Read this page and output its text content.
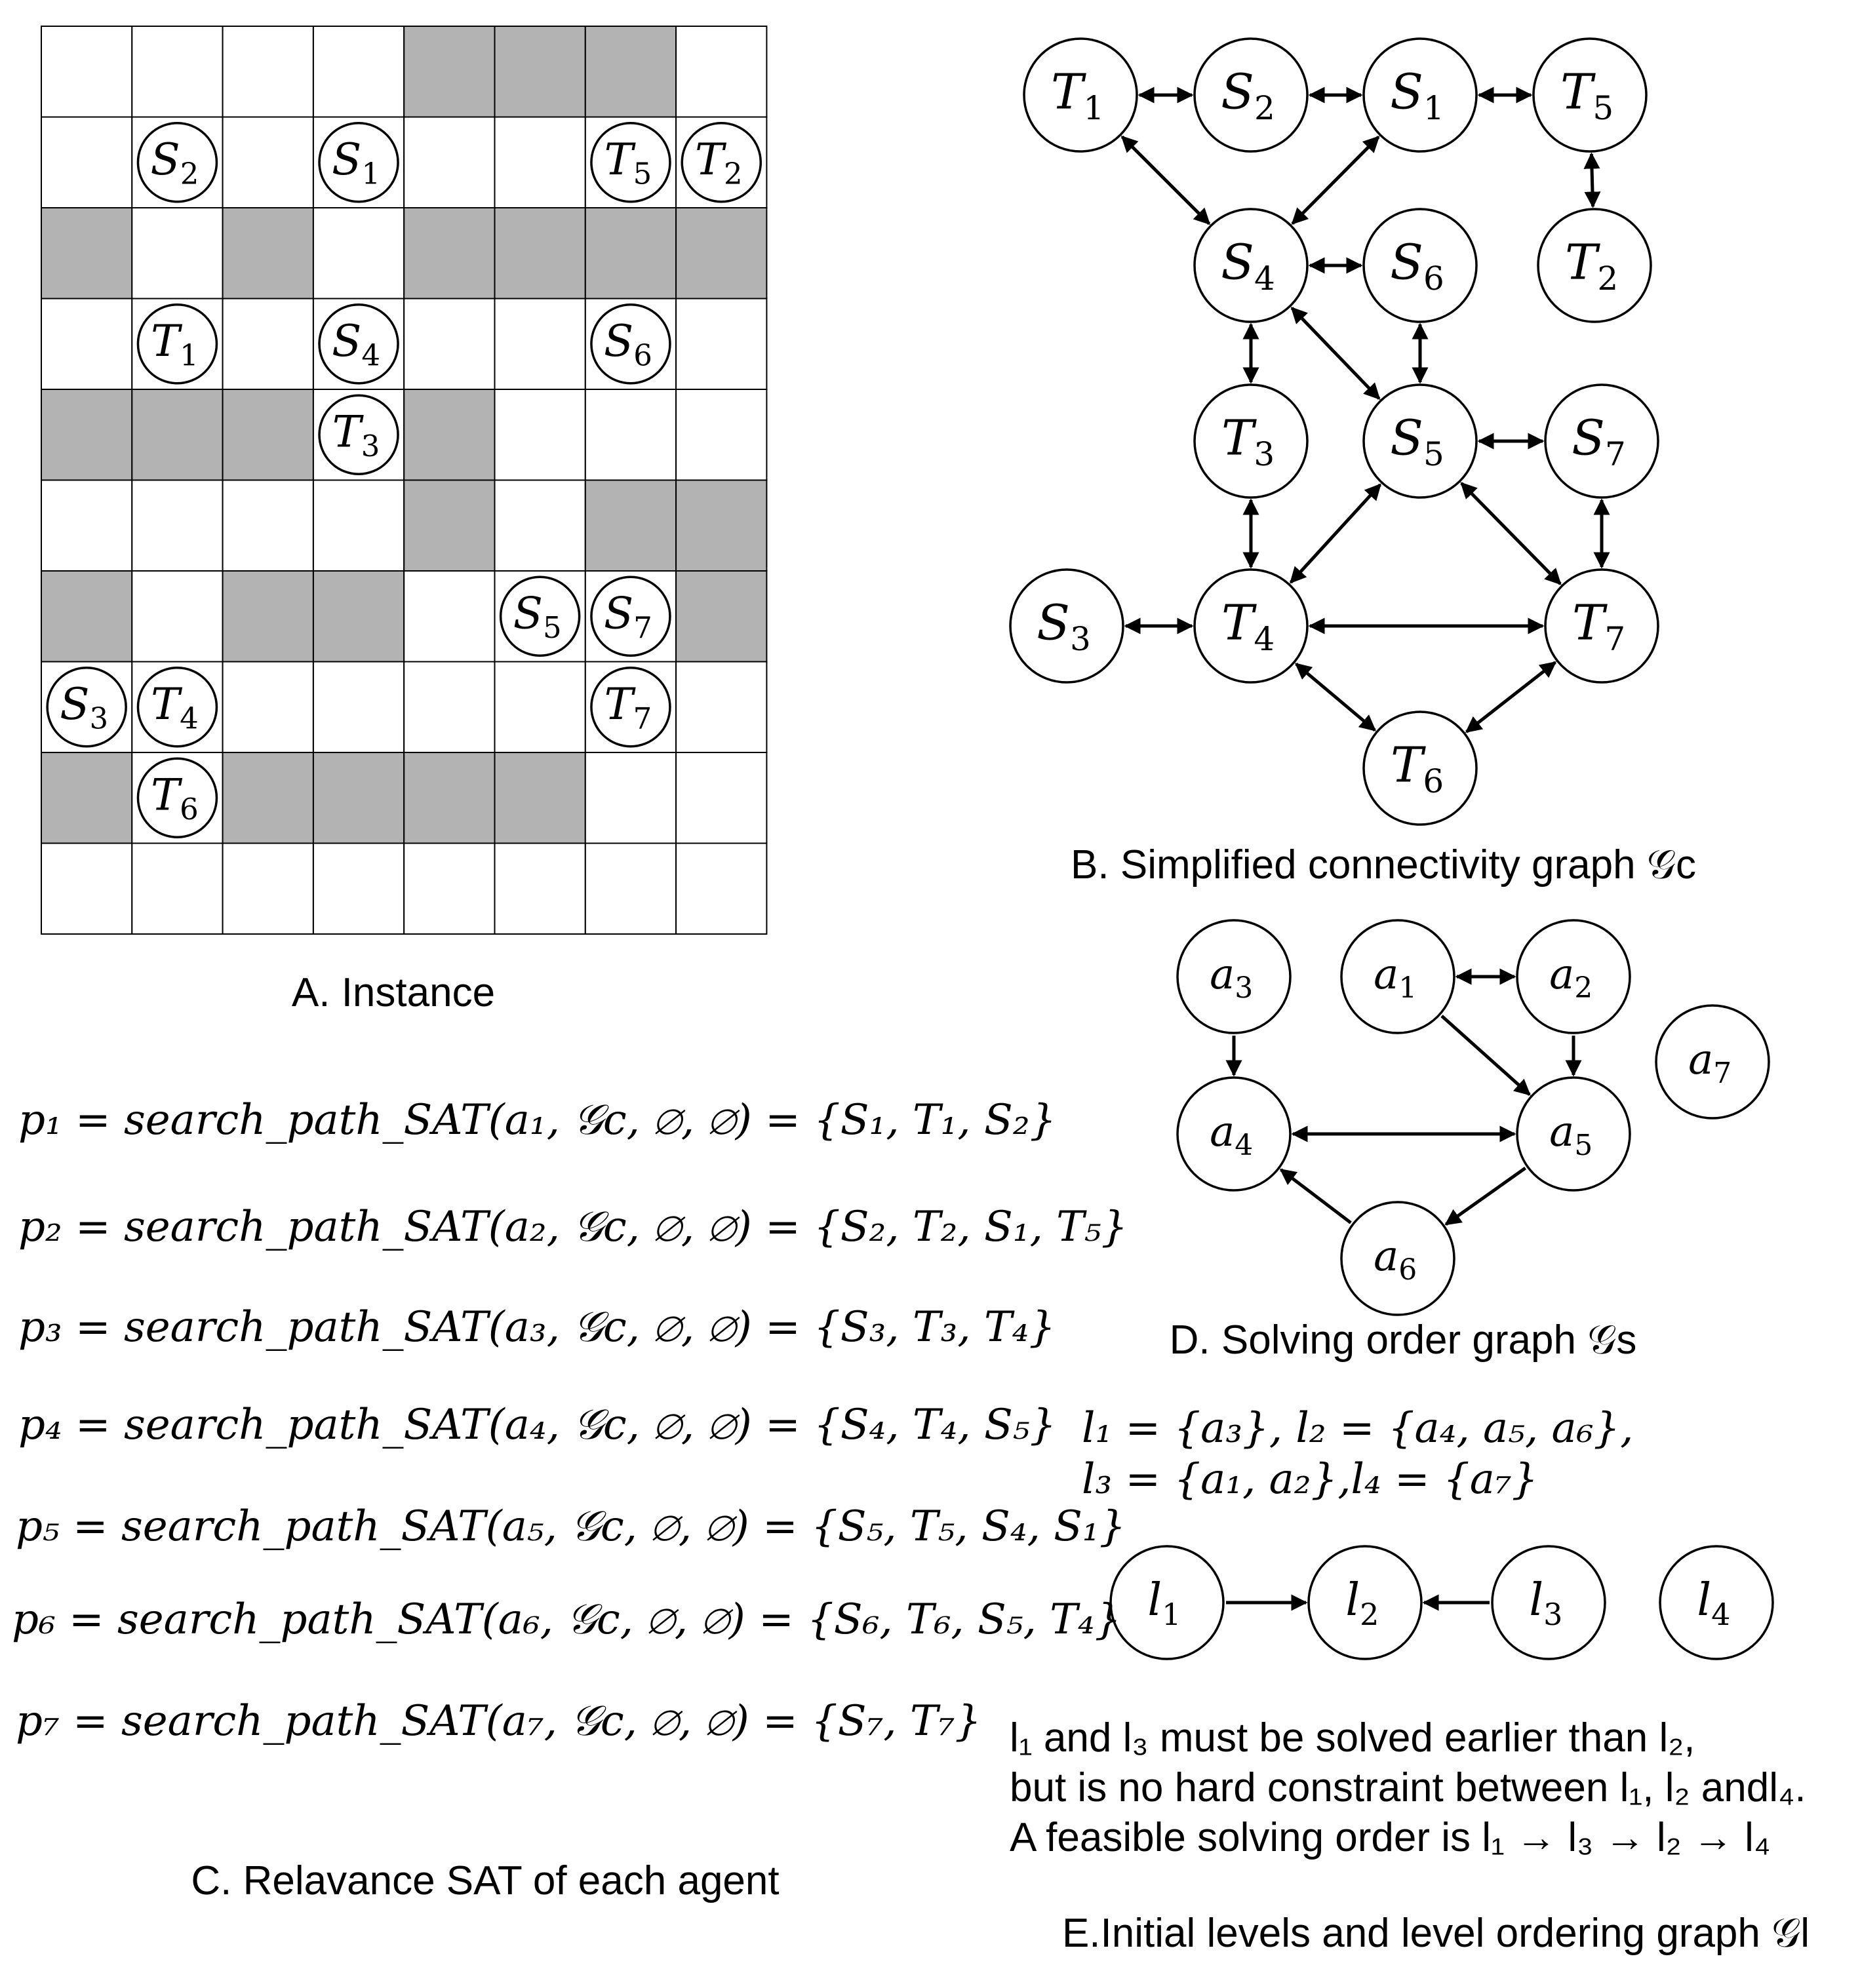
$S_2$	$S_1$	$T_5$ $T_2$
$T_1$	$S_4$	$S_6$
$T_3$
$S_5$ $S_7$
$S_3$ $T_4$	$T_7$
$T_6$
$T_1$ $S_2$ $S_1$ $T_5$
$S_4$ $S_6$ $T_2$
$T_3$ $S_5$	$S_7$
$S_3$	$T_4$	$T_7$
$T_6$
$a_3$	$a_1$	$a_2$
$a_7$
$a_4$	$a_5$
$a_6$
$l_1$	$l_2$	$l_3$	$l_4$
A. Instance
B. Simplified connectivity graph 𝒢c
C. Relavance SAT of each agent
D. Solving order graph 𝒢s
E.Initial levels and level ordering graph 𝒢l
p₁ = search_path_SAT(a₁, 𝒢c, ∅, ∅) = {S₁, T₁, S₂}
p₂ = search_path_SAT(a₂, 𝒢c, ∅, ∅) = {S₂, T₂, S₁, T₅}
p₃ = search_path_SAT(a₃, 𝒢c, ∅, ∅) = {S₃, T₃, T₄}
p₄ = search_path_SAT(a₄, 𝒢c, ∅, ∅) = {S₄, T₄, S₅}
p₅ = search_path_SAT(a₅, 𝒢c, ∅, ∅) = {S₅, T₅, S₄, S₁}
p₆ = search_path_SAT(a₆, 𝒢c, ∅, ∅) = {S₆, T₆, S₅, T₄}
p₇ = search_path_SAT(a₇, 𝒢c, ∅, ∅) = {S₇, T₇}
l₁ = {a₃}, l₂ = {a₄, a₅, a₆},
l₃ = {a₁, a₂},l₄ = {a₇}
l₁ and l₃ must be solved earlier than l₂,
but is no hard constraint between l₁, l₂ andl₄.
A feasible solving order is l₁ → l₃ → l₂ → l₄
